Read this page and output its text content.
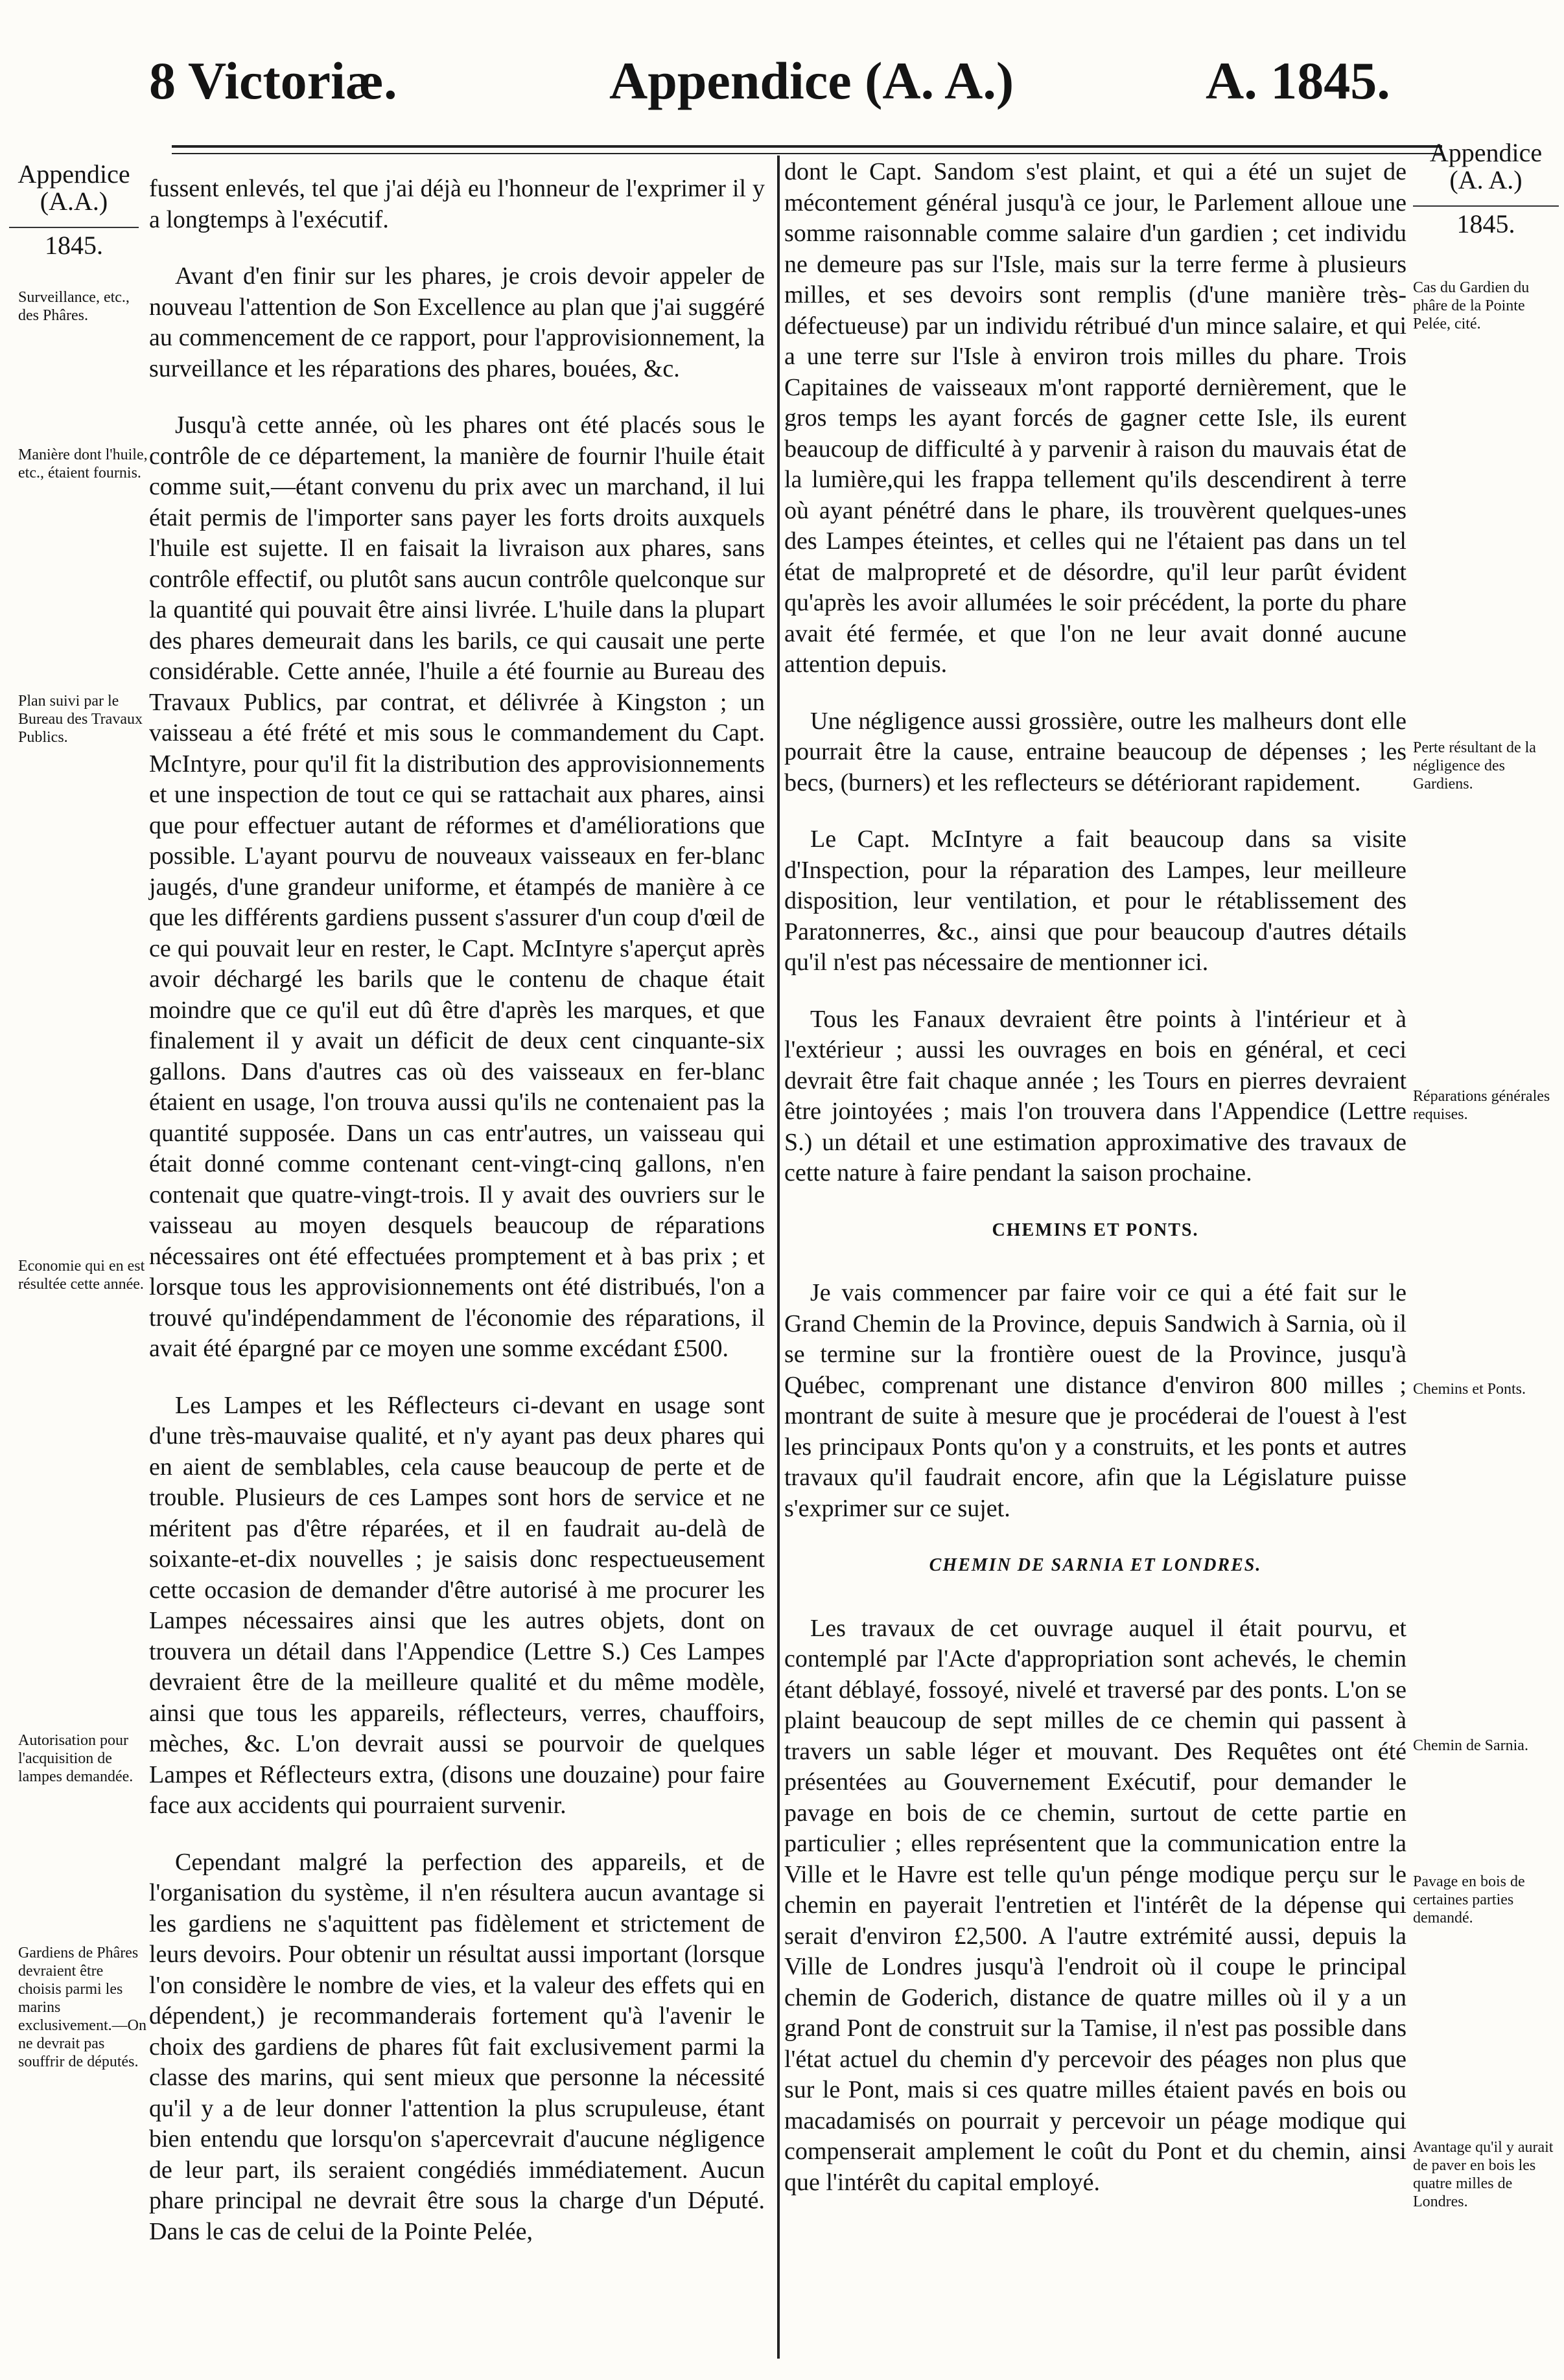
8 Victoriæ.	Appendice (A. A.)	A. 1845.
Appendice
(A.A.)
1845.
Surveillance, etc., des Phâres.
Manière dont l'huile, etc., étaient fournis.
Plan suivi par le Bureau des Travaux Publics.
Economie qui en est résultée cette année.
Autorisation pour l'acquisition de lampes demandée.
Gardiens de Phâres devraient être choisis parmi les marins exclusivement.—On ne devrait pas souffrir de députés.

fussent enlevés, tel que j'ai déjà eu l'honneur de l'exprimer il y a longtemps à l'exécutif.

Avant d'en finir sur les phares, je crois devoir appeler de nouveau l'attention de Son Excellence au plan que j'ai suggéré au commencement de ce rapport, pour l'approvisionnement, la surveillance et les réparations des phares, bouées, &c.

Jusqu'à cette année, où les phares ont été placés sous le contrôle de ce département, la manière de fournir l'huile était comme suit,—étant convenu du prix avec un marchand, il lui était permis de l'importer sans payer les forts droits auxquels l'huile est sujette. Il en faisait la livraison aux phares, sans contrôle effectif, ou plutôt sans aucun contrôle quelconque sur la quantité qui pouvait être ainsi livrée. L'huile dans la plupart des phares demeurait dans les barils, ce qui causait une perte considérable. Cette année, l'huile a été fournie au Bureau des Travaux Publics, par contrat, et délivrée à Kingston ; un vaisseau a été frété et mis sous le commandement du Capt. McIntyre, pour qu'il fit la distribution des approvisionnements et une inspection de tout ce qui se rattachait aux phares, ainsi que pour effectuer autant de réformes et d'améliorations que possible. L'ayant pourvu de nouveaux vaisseaux en fer-blanc jaugés, d'une grandeur uniforme, et étampés de manière à ce que les différents gardiens pussent s'assurer d'un coup d'œil de ce qui pouvait leur en rester, le Capt. McIntyre s'aperçut après avoir déchargé les barils que le contenu de chaque était moindre que ce qu'il eut dû être d'après les marques, et que finalement il y avait un déficit de deux cent cinquante-six gallons. Dans d'autres cas où des vaisseaux en fer-blanc étaient en usage, l'on trouva aussi qu'ils ne contenaient pas la quantité supposée. Dans un cas entr'autres, un vaisseau qui était donné comme contenant cent-vingt-cinq gallons, n'en contenait que quatre-vingt-trois. Il y avait des ouvriers sur le vaisseau au moyen desquels beaucoup de réparations nécessaires ont été effectuées promptement et à bas prix ; et lorsque tous les approvisionnements ont été distribués, l'on a trouvé qu'indépendamment de l'économie des réparations, il avait été épargné par ce moyen une somme excédant £500.

Les Lampes et les Réflecteurs ci-devant en usage sont d'une très-mauvaise qualité, et n'y ayant pas deux phares qui en aient de semblables, cela cause beaucoup de perte et de trouble. Plusieurs de ces Lampes sont hors de service et ne méritent pas d'être réparées, et il en faudrait au-delà de soixante-et-dix nouvelles ; je saisis donc respectueusement cette occasion de demander d'être autorisé à me procurer les Lampes nécessaires ainsi que les autres objets, dont on trouvera un détail dans l'Appendice (Lettre S.) Ces Lampes devraient être de la meilleure qualité et du même modèle, ainsi que tous les appareils, réflecteurs, verres, chauffoirs, mèches, &c. L'on devrait aussi se pourvoir de quelques Lampes et Réflecteurs extra, (disons une douzaine) pour faire face aux accidents qui pourraient survenir.

Cependant malgré la perfection des appareils, et de l'organisation du système, il n'en résultera aucun avantage si les gardiens ne s'aquittent pas fidèlement et strictement de leurs devoirs. Pour obtenir un résultat aussi important (lorsque l'on considère le nombre de vies, et la valeur des effets qui en dépendent,) je recommanderais fortement qu'à l'avenir le choix des gardiens de phares fût fait exclusivement parmi la classe des marins, qui sent mieux que personne la nécessité qu'il y a de leur donner l'attention la plus scrupuleuse, étant bien entendu que lorsqu'on s'apercevrait d'aucune négligence de leur part, ils seraient congédiés immédiatement. Aucun phare principal ne devrait être sous la charge d'un Député. Dans le cas de celui de la Pointe Pelée,

dont le Capt. Sandom s'est plaint, et qui a été un sujet de mécontement général jusqu'à ce jour, le Parlement alloue une somme raisonnable comme salaire d'un gardien ; cet individu ne demeure pas sur l'Isle, mais sur la terre ferme à plusieurs milles, et ses devoirs sont remplis (d'une manière très-défectueuse) par un individu rétribué d'un mince salaire, et qui a une terre sur l'Isle à environ trois milles du phare. Trois Capitaines de vaisseaux m'ont rapporté dernièrement, que le gros temps les ayant forcés de gagner cette Isle, ils eurent beaucoup de difficulté à y parvenir à raison du mauvais état de la lumière,qui les frappa tellement qu'ils descendirent à terre où ayant pénétré dans le phare, ils trouvèrent quelques-unes des Lampes éteintes, et celles qui ne l'étaient pas dans un tel état de malpropreté et de désordre, qu'il leur parût évident qu'après les avoir allumées le soir précédent, la porte du phare avait été fermée, et que l'on ne leur avait donné aucune attention depuis.

Une négligence aussi grossière, outre les malheurs dont elle pourrait être la cause, entraine beaucoup de dépenses ; les becs, (burners) et les reflecteurs se détériorant rapidement.

Le Capt. McIntyre a fait beaucoup dans sa visite d'Inspection, pour la réparation des Lampes, leur meilleure disposition, leur ventilation, et pour le rétablissement des Paratonnerres, &c., ainsi que pour beaucoup d'autres détails qu'il n'est pas nécessaire de mentionner ici.

Tous les Fanaux devraient être points à l'intérieur et à l'extérieur ; aussi les ouvrages en bois en général, et ceci devrait être fait chaque année ; les Tours en pierres devraient être jointoyées ; mais l'on trouvera dans l'Appendice (Lettre S.) un détail et une estimation approximative des travaux de cette nature à faire pendant la saison prochaine.

CHEMINS ET PONTS.

Je vais commencer par faire voir ce qui a été fait sur le Grand Chemin de la Province, depuis Sandwich à Sarnia, où il se termine sur la frontière ouest de la Province, jusqu'à Québec, comprenant une distance d'environ 800 milles ; montrant de suite à mesure que je procéderai de l'ouest à l'est les principaux Ponts qu'on y a construits, et les ponts et autres travaux qu'il faudrait encore, afin que la Législature puisse s'exprimer sur ce sujet.

CHEMIN DE SARNIA ET LONDRES.

Les travaux de cet ouvrage auquel il était pourvu, et contemplé par l'Acte d'appropriation sont achevés, le chemin étant déblayé, fossoyé, nivelé et traversé par des ponts. L'on se plaint beaucoup de sept milles de ce chemin qui passent à travers un sable léger et mouvant. Des Requêtes ont été présentées au Gouvernement Exécutif, pour demander le pavage en bois de ce chemin, surtout de cette partie en particulier ; elles représentent que la communication entre la Ville et le Havre est telle qu'un pénge modique perçu sur le chemin en payerait l'entretien et l'intérêt de la dépense qui serait d'environ £2,500. A l'autre extrémité aussi, depuis la Ville de Londres jusqu'à l'endroit où il coupe le principal chemin de Goderich, distance de quatre milles où il y a un grand Pont de construit sur la Tamise, il n'est pas possible dans l'état actuel du chemin d'y percevoir des péages non plus que sur le Pont, mais si ces quatre milles étaient pavés en bois ou macadamisés on pourrait y percevoir un péage modique qui compenserait amplement le coût du Pont et du chemin, ainsi que l'intérêt du capital employé.

Appendice
(A. A.)
1845.
Cas du Gardien du phâre de la Pointe Pelée, cité.
Perte résultant de la négligence des Gardiens.
Réparations générales requises.
Chemins et Ponts.
Chemin de Sarnia.
Pavage en bois de certaines parties demandé.
Avantage qu'il y aurait de paver en bois les quatre milles de Londres.
